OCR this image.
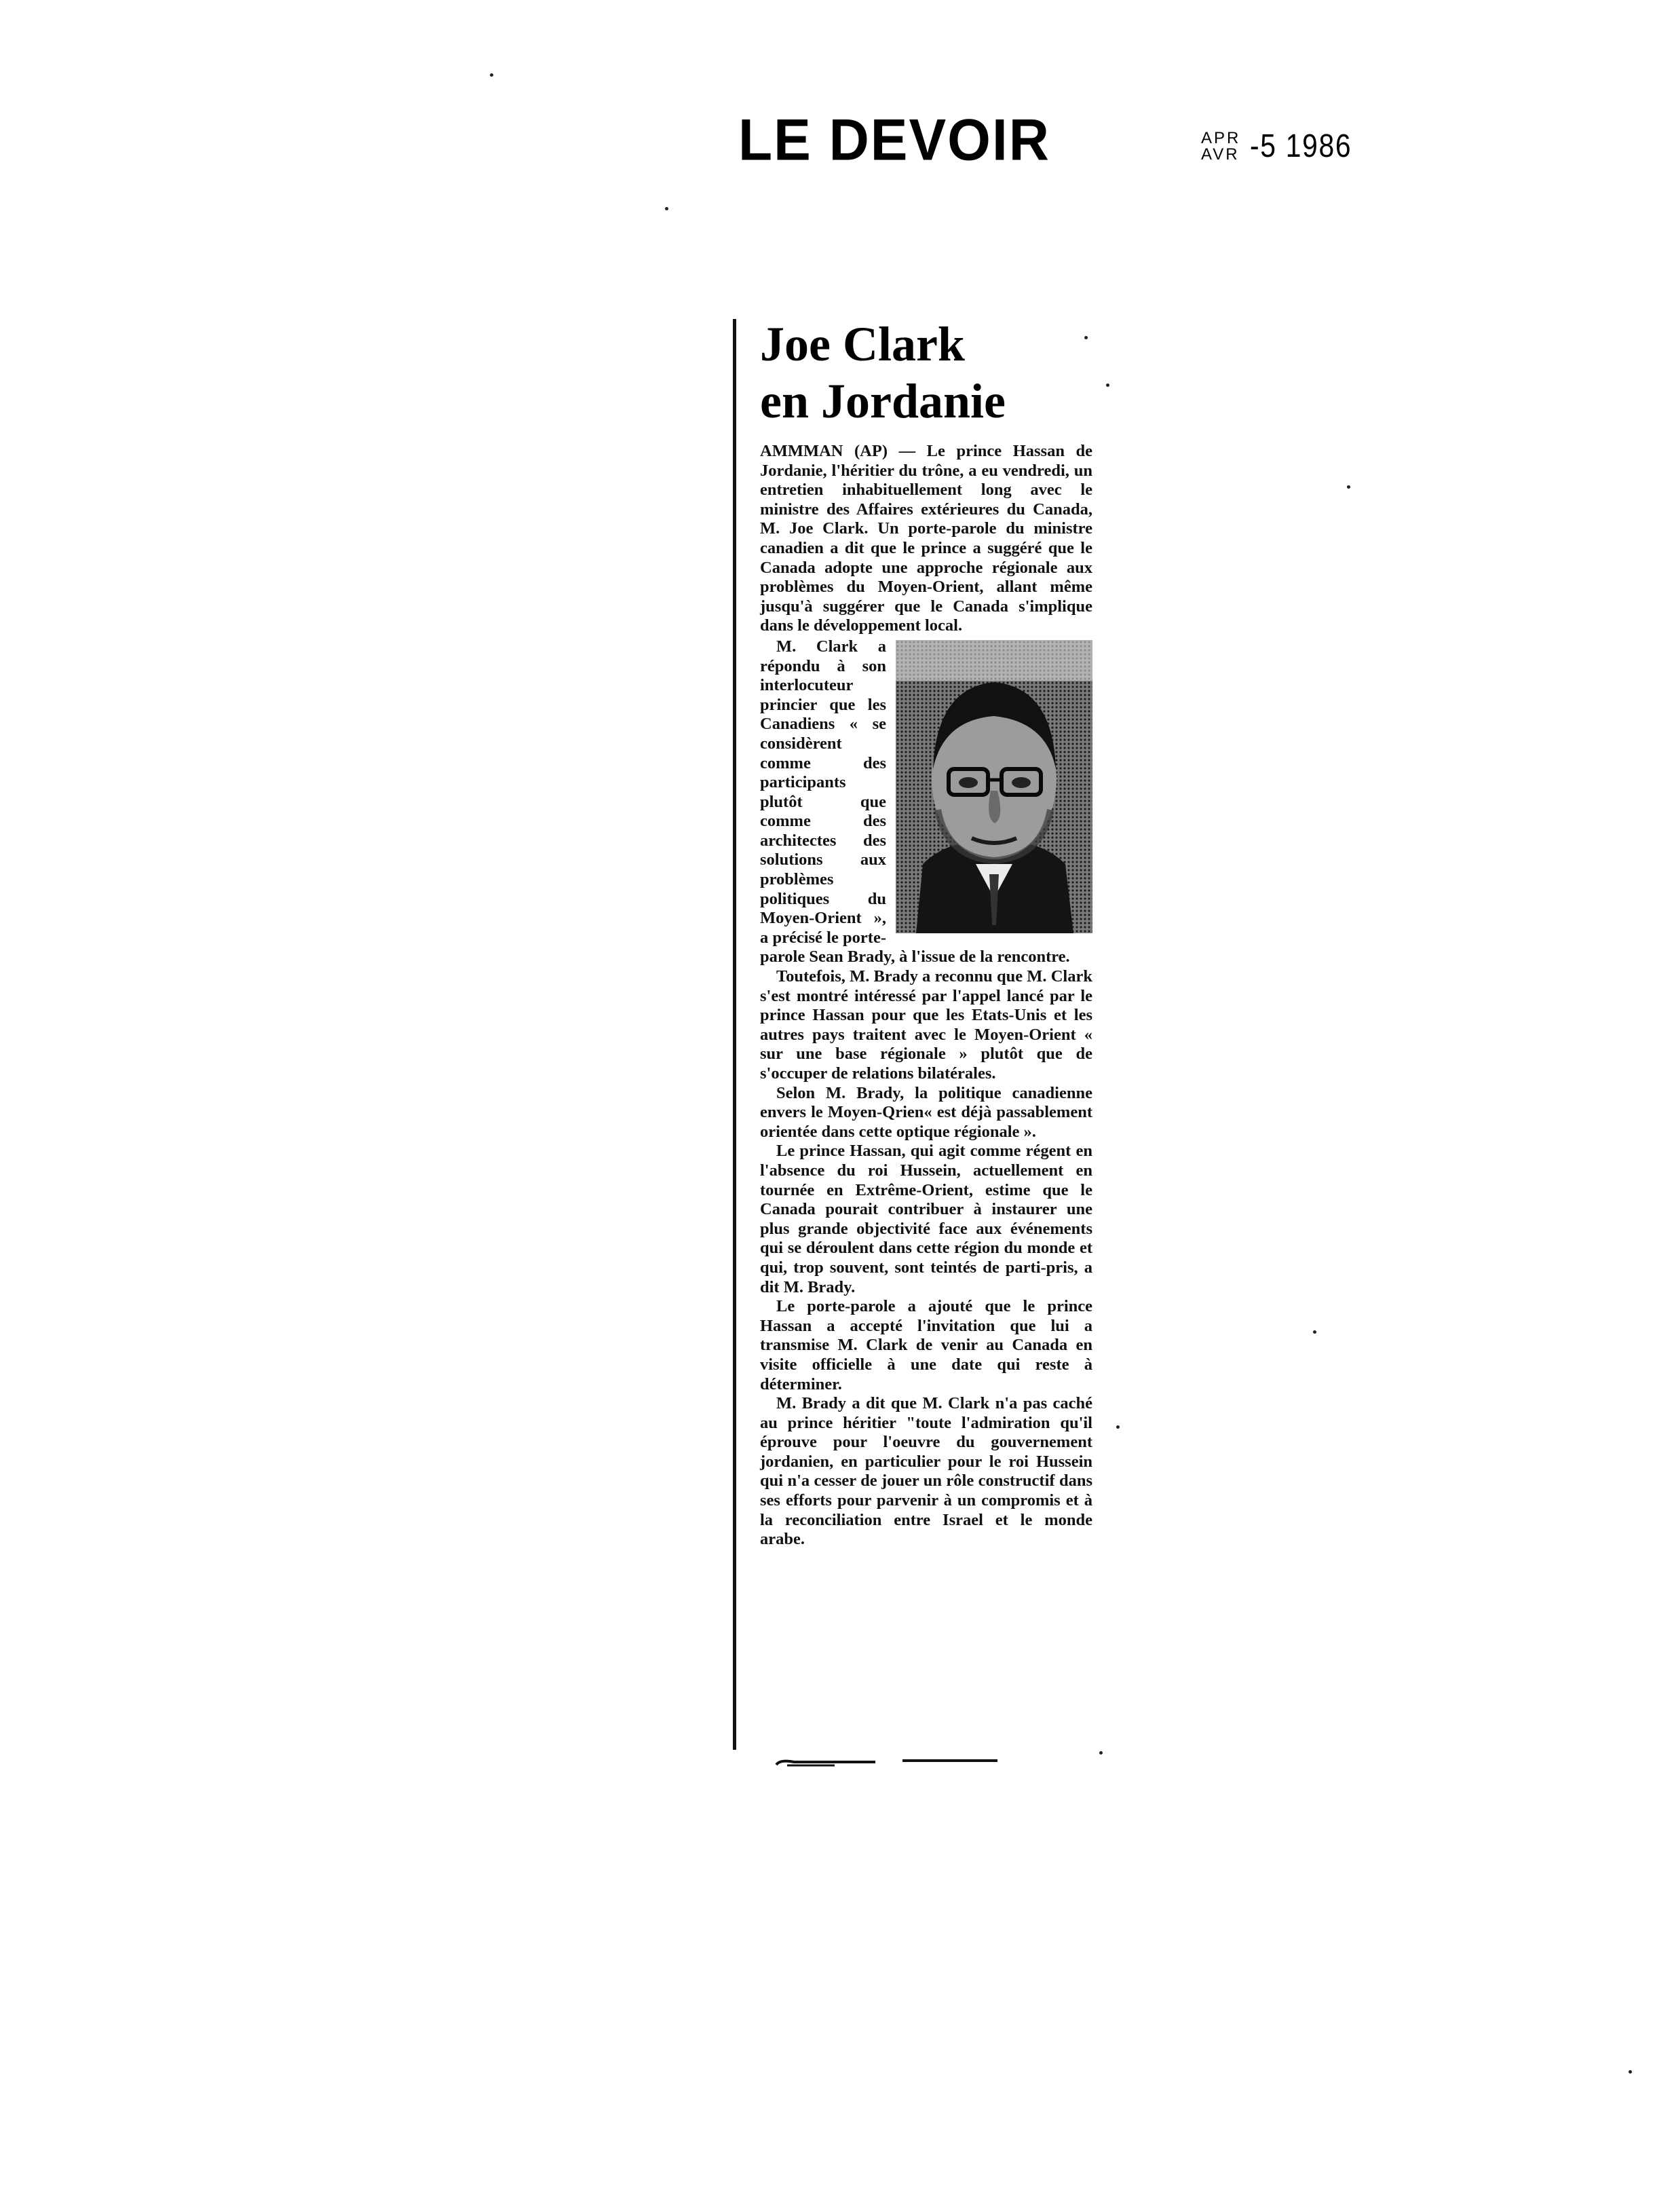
LE DEVOIR	APR
AVR -5 1986
Joe Clark
en Jordanie

AMMMAN (AP) — Le prince Hassan de Jordanie, l'héritier du trône, a eu vendredi, un entretien inhabituellement long avec le ministre des Affaires extérieures du Canada, M. Joe Clark. Un porte-parole du ministre canadien a dit que le prince a suggéré que le Canada adopte une approche régionale aux problèmes du Moyen-Orient, allant même jusqu'à suggérer que le Canada s'implique dans le développement local.

M. Clark a répondu à son interlocuteur princier que les Canadiens « se considèrent comme des participants plutôt que comme des architectes des solutions aux problèmes politiques du Moyen-Orient », a précisé le porte-parole Sean Brady, à l'issue de la rencontre.

Toutefois, M. Brady a reconnu que M. Clark s'est montré intéressé par l'appel lancé par le prince Hassan pour que les Etats-Unis et les autres pays traitent avec le Moyen-Orient « sur une base régionale » plutôt que de s'occuper de relations bilatérales.

Selon M. Brady, la politique canadienne envers le Moyen-Qrien« est déjà passablement orientée dans cette optique régionale ».

Le prince Hassan, qui agit comme régent en l'absence du roi Hussein, actuellement en tournée en Extrême-Orient, estime que le Canada pourait contribuer à instaurer une plus grande objectivité face aux événements qui se déroulent dans cette région du monde et qui, trop souvent, sont teintés de parti-pris, a dit M. Brady.

Le porte-parole a ajouté que le prince Hassan a accepté l'invitation que lui a transmise M. Clark de venir au Canada en visite officielle à une date qui reste à déterminer.

M. Brady a dit que M. Clark n'a pas caché au prince héritier "toute l'admiration qu'il éprouve pour l'oeuvre du gouvernement jordanien, en particulier pour le roi Hussein qui n'a cesser de jouer un rôle constructif dans ses efforts pour parvenir à un compromis et à la reconciliation entre Israel et le monde arabe.
